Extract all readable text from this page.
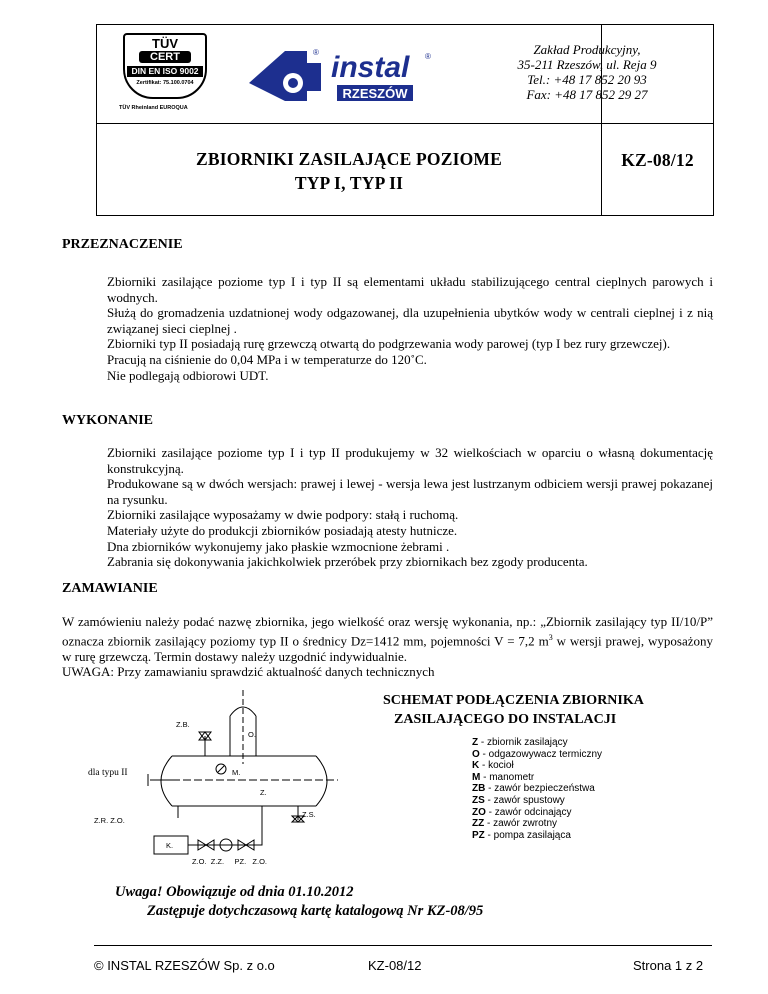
TÜV
CERT
DIN EN ISO 9002
Zertifikat: 75.100.0704
TÜV Rheinland EUROQUA
instal ®
®
RZESZÓW
Zakład Produkcyjny,
35-211 Rzeszów, ul. Reja 9
Tel.: +48 17 852 20 93
Fax: +48 17 852 29 27
ZBIORNIKI ZASILAJĄCE POZIOME
TYP I, TYP II
KZ-08/12
PRZEZNACZENIE

Zbiorniki zasilające poziome typ I i typ II są elementami układu stabilizującego central cieplnych parowych i wodnych.

Służą do gromadzenia uzdatnionej wody odgazowanej, dla uzupełnienia ubytków wody w centrali cieplnej i z nią związanej sieci cieplnej .

Zbiorniki typ II posiadają rurę grzewczą otwartą do podgrzewania wody parowej (typ I bez rury grzewczej).

Pracują na ciśnienie do 0,04 MPa i w temperaturze do 120˚C.

Nie podlegają odbiorowi UDT.

WYKONANIE

Zbiorniki zasilające poziome typ I i typ II produkujemy w 32 wielkościach w oparciu o własną dokumentację konstrukcyjną.

Produkowane są w dwóch wersjach: prawej i lewej - wersja lewa jest lustrzanym odbiciem wersji prawej pokazanej na rysunku.

Zbiorniki zasilające wyposażamy w dwie podpory: stałą i ruchomą.

Materiały użyte do produkcji zbiorników posiadają atesty hutnicze.

Dna zbiorników wykonujemy jako płaskie wzmocnione żebrami .

Zabrania się dokonywania jakichkolwiek przeróbek przy zbiornikach bez zgody producenta.

ZAMAWIANIE

W zamówieniu należy podać nazwę zbiornika, jego wielkość oraz wersję wykonania, np.: „Zbiornik zasilający typ II/10/P” oznacza zbiornik zasilający poziomy typ II o średnicy Dz=1412 mm, pojemności V = 7,2 $m^3$ w wersji prawej, wyposażony w rurę grzewczą. Termin dostawy należy uzgodnić indywidualnie.

UWAGA: Przy zamawianiu sprawdzić aktualność danych technicznych

SCHEMAT PODŁĄCZENIA ZBIORNIKA
ZASILAJĄCEGO DO INSTALACJI
Z.B.
O.
M.
Z.
Z.S.
Z.R. Z.O.
K.
Z.O.  Z.Z.     PZ.   Z.O.
dla typu II
Z - zbiornik zasilający
O - odgazowywacz termiczny
K - kocioł
M - manometr
ZB - zawór bezpieczeństwa
ZS - zawór spustowy
ZO - zawór odcinający
ZZ - zawór zwrotny
PZ - pompa zasilająca
Uwaga! Obowiązuje od dnia 01.10.2012
Zastępuje dotychczasową kartę katalogową Nr KZ-08/95
© INSTAL RZESZÓW Sp. z o.o	KZ-08/12	Strona 1 z 2
